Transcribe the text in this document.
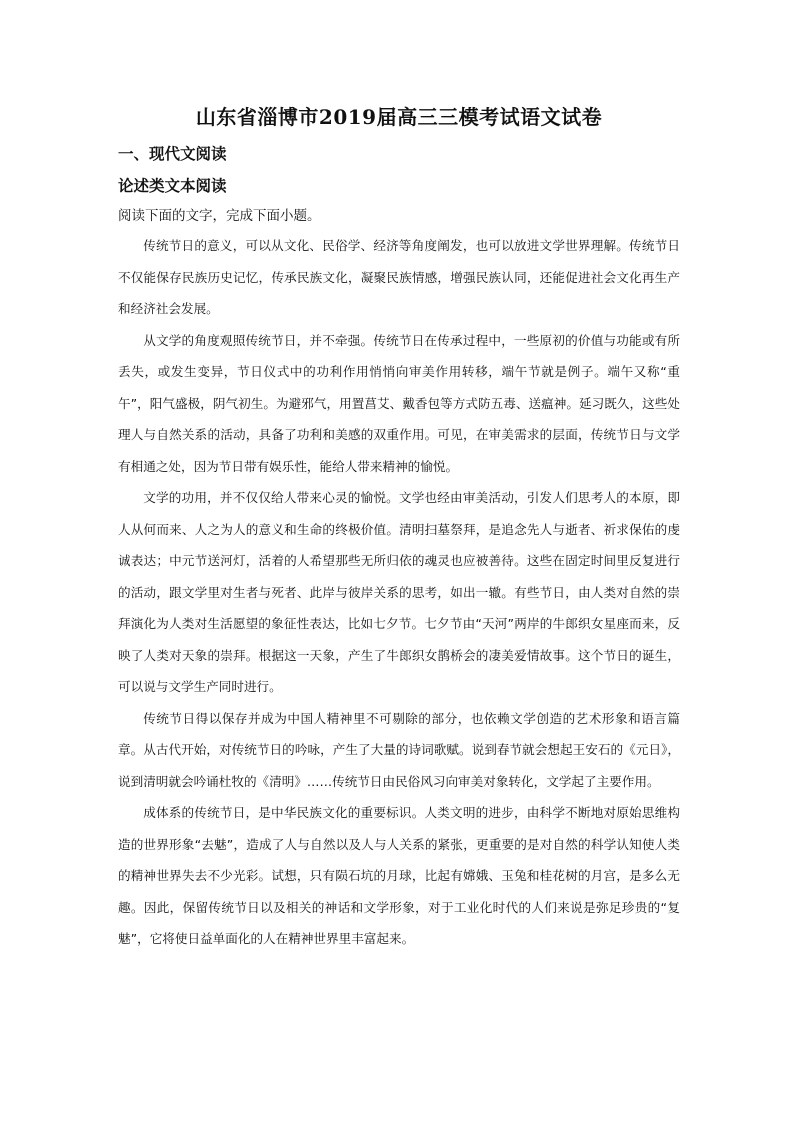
山东省淄博市2019届高三三模考试语文试卷
一、现代文阅读
论述类文本阅读
阅读下面的文字，完成下面小题。

传统节日的意义，可以从文化、民俗学、经济等角度阐发，也可以放进文学世界理解。传统节日不仅能保存民族历史记忆，传承民族文化，凝聚民族情感，增强民族认同，还能促进社会文化再生产和经济社会发展。

从文学的角度观照传统节日，并不牵强。传统节日在传承过程中，一些原初的价值与功能或有所丢失，或发生变异，节日仪式中的功利作用悄悄向审美作用转移，端午节就是例子。端午又称“重午”，阳气盛极，阴气初生。为避邪气，用置菖艾、戴香包等方式防五毒、送瘟神。延习既久，这些处理人与自然关系的活动，具备了功利和美感的双重作用。可见，在审美需求的层面，传统节日与文学有相通之处，因为节日带有娱乐性，能给人带来精神的愉悦。

文学的功用，并不仅仅给人带来心灵的愉悦。文学也经由审美活动，引发人们思考人的本原，即人从何而来、人之为人的意义和生命的终极价值。清明扫墓祭拜，是追念先人与逝者、祈求保佑的虔诚表达；中元节送河灯，活着的人希望那些无所归依的魂灵也应被善待。这些在固定时间里反复进行的活动，跟文学里对生者与死者、此岸与彼岸关系的思考，如出一辙。有些节日，由人类对自然的崇拜演化为人类对生活愿望的象征性表达，比如七夕节。七夕节由“天河”两岸的牛郎织女星座而来，反映了人类对天象的崇拜。根据这一天象，产生了牛郎织女鹊桥会的凄美爱情故事。这个节日的诞生，可以说与文学生产同时进行。

传统节日得以保存并成为中国人精神里不可剔除的部分，也依赖文学创造的艺术形象和语言篇章。从古代开始，对传统节日的吟咏，产生了大量的诗词歌赋。说到春节就会想起王安石的《元日》，说到清明就会吟诵杜牧的《清明》……传统节日由民俗风习向审美对象转化，文学起了主要作用。

成体系的传统节日，是中华民族文化的重要标识。人类文明的进步，由科学不断地对原始思维构造的世界形象“去魅”，造成了人与自然以及人与人关系的紧张，更重要的是对自然的科学认知使人类的精神世界失去不少光彩。试想，只有陨石坑的月球，比起有嫦娥、玉兔和桂花树的月宫，是多么无趣。因此，保留传统节日以及相关的神话和文学形象，对于工业化时代的人们来说是弥足珍贵的“复魅”，它将使日益单面化的人在精神世界里丰富起来。
